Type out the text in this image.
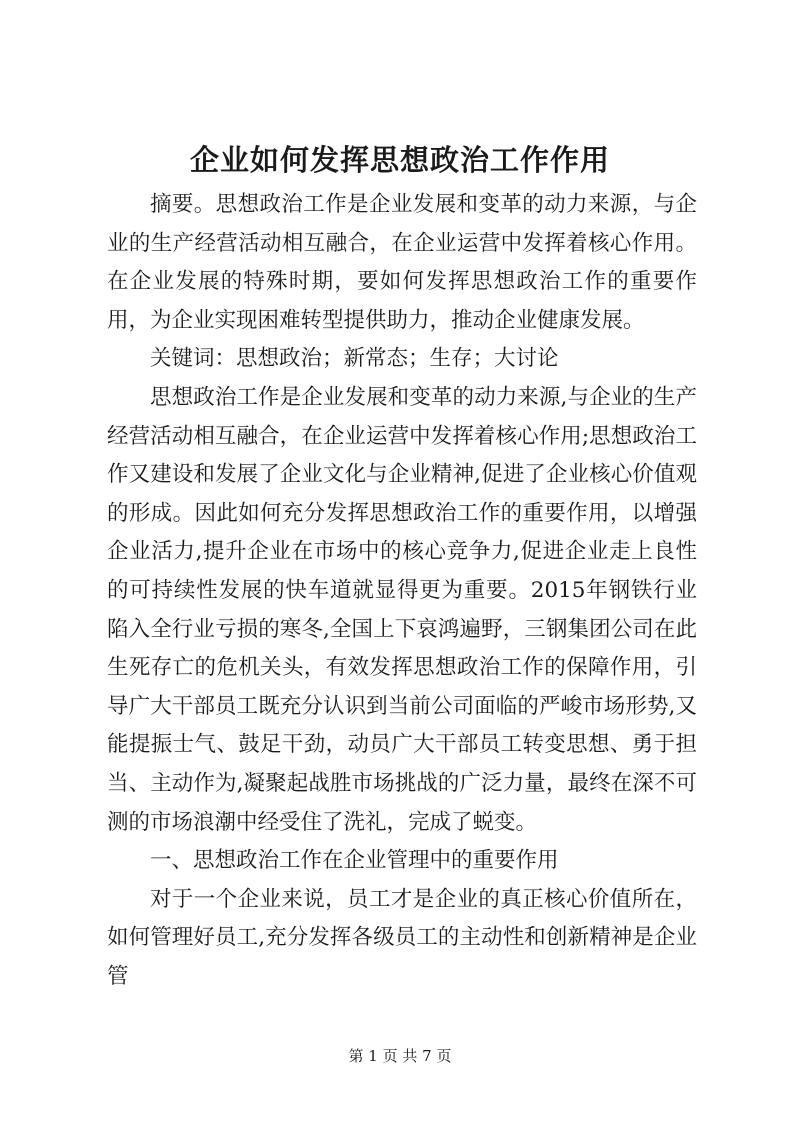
企业如何发挥思想政治工作作用

摘要。思想政治工作是企业发展和变革的动力来源，与企业的生产经营活动相互融合，在企业运营中发挥着核心作用。在企业发展的特殊时期，要如何发挥思想政治工作的重要作用，为企业实现困难转型提供助力，推动企业健康发展。

关键词：思想政治；新常态；生存；大讨论

思想政治工作是企业发展和变革的动力来源,与企业的生产经营活动相互融合，在企业运营中发挥着核心作用;思想政治工作又建设和发展了企业文化与企业精神,促进了企业核心价值观的形成。因此如何充分发挥思想政治工作的重要作用，以增强企业活力,提升企业在市场中的核心竞争力,促进企业走上良性的可持续性发展的快车道就显得更为重要。2015年钢铁行业陷入全行业亏损的寒冬,全国上下哀鸿遍野，三钢集团公司在此生死存亡的危机关头，有效发挥思想政治工作的保障作用，引导广大干部员工既充分认识到当前公司面临的严峻市场形势,又能提振士气、鼓足干劲，动员广大干部员工转变思想、勇于担当、主动作为,凝聚起战胜市场挑战的广泛力量，最终在深不可测的市场浪潮中经受住了洗礼，完成了蜕变。

一、思想政治工作在企业管理中的重要作用

对于一个企业来说，员工才是企业的真正核心价值所在，如何管理好员工,充分发挥各级员工的主动性和创新精神是企业管

第 1 页 共 7 页
